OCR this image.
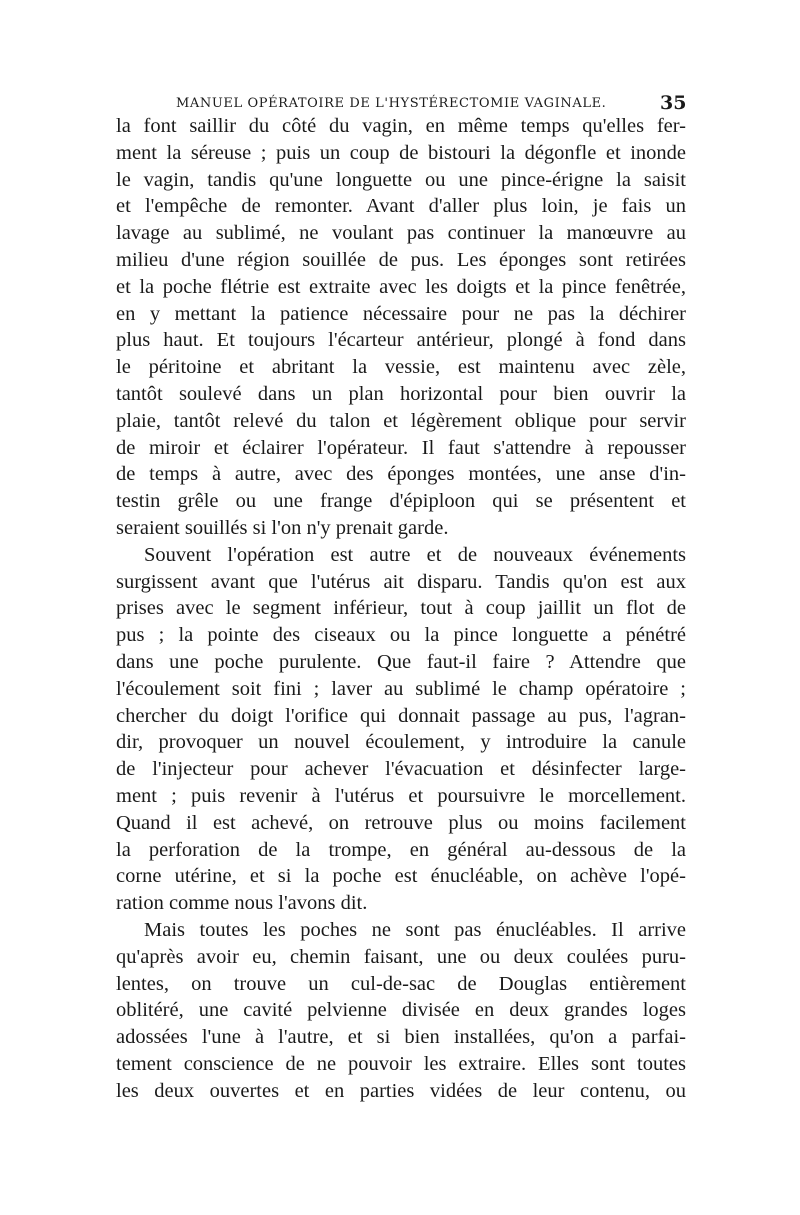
MANUEL OPÉRATOIRE DE L'HYSTÉRECTOMIE VAGINALE.	35
la font saillir du côté du vagin, en même temps qu'elles fer-
ment la séreuse ; puis un coup de bistouri la dégonfle et inonde
le vagin, tandis qu'une longuette ou une pince-érigne la saisit
et l'empêche de remonter. Avant d'aller plus loin, je fais un
lavage au sublimé, ne voulant pas continuer la manœuvre au
milieu d'une région souillée de pus. Les éponges sont retirées
et la poche flétrie est extraite avec les doigts et la pince fenêtrée,
en y mettant la patience nécessaire pour ne pas la déchirer
plus haut. Et toujours l'écarteur antérieur, plongé à fond dans
le péritoine et abritant la vessie, est maintenu avec zèle,
tantôt soulevé dans un plan horizontal pour bien ouvrir la
plaie, tantôt relevé du talon et légèrement oblique pour servir
de miroir et éclairer l'opérateur. Il faut s'attendre à repousser
de temps à autre, avec des éponges montées, une anse d'in-
testin grêle ou une frange d'épiploon qui se présentent et
seraient souillés si l'on n'y prenait garde.
Souvent l'opération est autre et de nouveaux événements
surgissent avant que l'utérus ait disparu. Tandis qu'on est aux
prises avec le segment inférieur, tout à coup jaillit un flot de
pus ; la pointe des ciseaux ou la pince longuette a pénétré
dans une poche purulente. Que faut-il faire ? Attendre que
l'écoulement soit fini ; laver au sublimé le champ opératoire ;
chercher du doigt l'orifice qui donnait passage au pus, l'agran-
dir, provoquer un nouvel écoulement, y introduire la canule
de l'injecteur pour achever l'évacuation et désinfecter large-
ment ; puis revenir à l'utérus et poursuivre le morcellement.
Quand il est achevé, on retrouve plus ou moins facilement
la perforation de la trompe, en général au-dessous de la
corne utérine, et si la poche est énucléable, on achève l'opé-
ration comme nous l'avons dit.
Mais toutes les poches ne sont pas énucléables. Il arrive
qu'après avoir eu, chemin faisant, une ou deux coulées puru-
lentes, on trouve un cul-de-sac de Douglas entièrement
oblitéré, une cavité pelvienne divisée en deux grandes loges
adossées l'une à l'autre, et si bien installées, qu'on a parfai-
tement conscience de ne pouvoir les extraire. Elles sont toutes
les deux ouvertes et en parties vidées de leur contenu, ou
